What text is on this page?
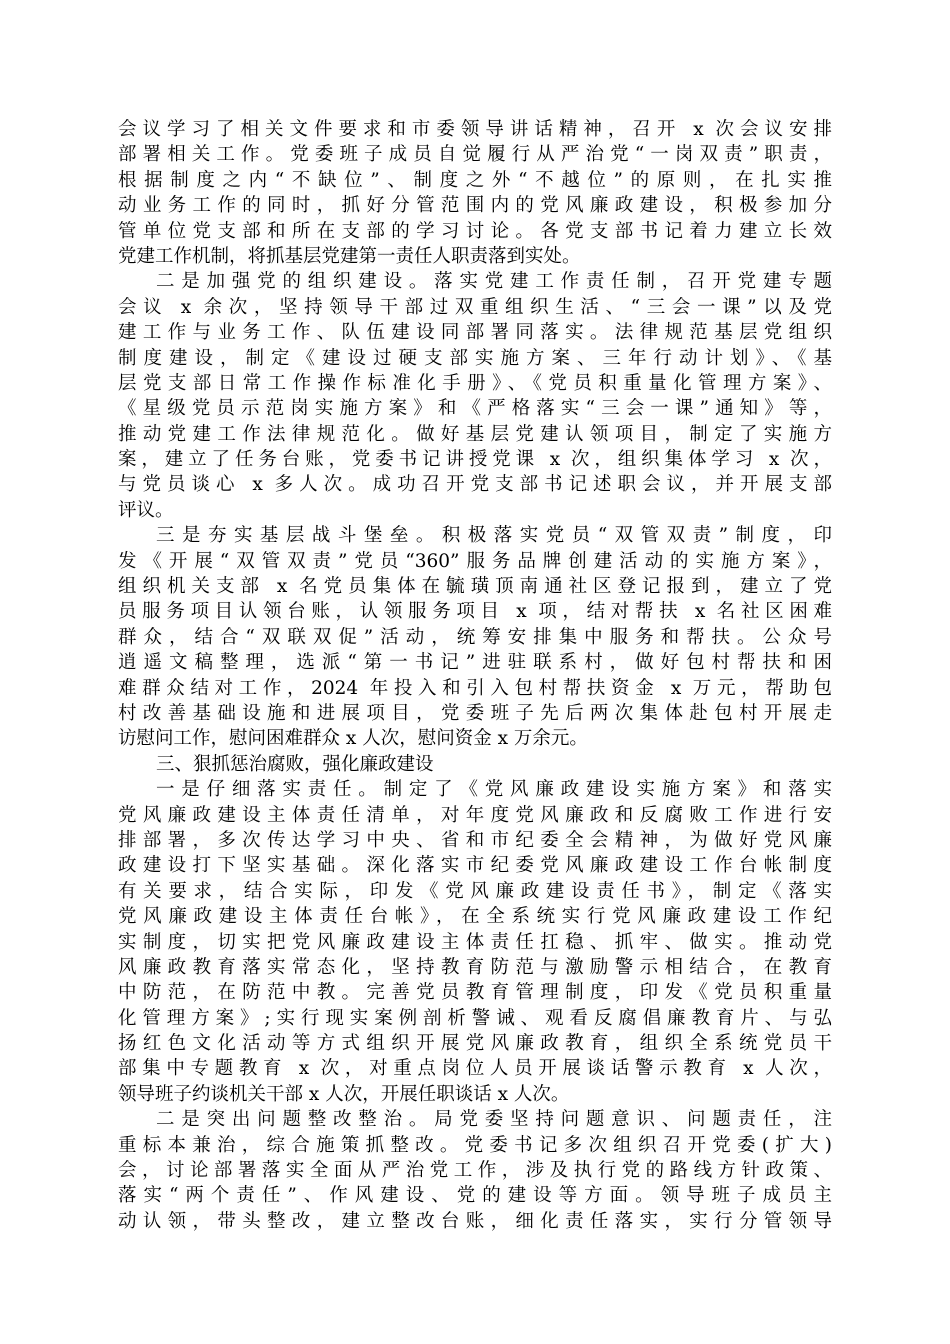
会议学习了相关文件要求和市委领导讲话精神，召开 x 次会议安排
部署相关工作。党委班子成员自觉履行从严治党“一岗双责”职责，
根据制度之内“不缺位”、制度之外“不越位”的原则，在扎实推
动业务工作的同时，抓好分管范围内的党风廉政建设，积极参加分
管单位党支部和所在支部的学习讨论。各党支部书记着力建立长效
党建工作机制，将抓基层党建第一责任人职责落到实处。
二是加强党的组织建设。落实党建工作责任制，召开党建专题
会议 x 余次，坚持领导干部过双重组织生活、“三会一课”以及党
建工作与业务工作、队伍建设同部署同落实。法律规范基层党组织
制度建设，制定《建设过硬支部实施方案、三年行动计划》、《基
层党支部日常工作操作标准化手册》、《党员积重量化管理方案》、
《星级党员示范岗实施方案》和《严格落实“三会一课”通知》等，
推动党建工作法律规范化。做好基层党建认领项目，制定了实施方
案，建立了任务台账，党委书记讲授党课 x 次，组织集体学习 x 次，
与党员谈心 x 多人次。成功召开党支部书记述职会议，并开展支部
评议。
三是夯实基层战斗堡垒。积极落实党员“双管双责”制度，印
发《开展“双管双责”党员“360”服务品牌创建活动的实施方案》，
组织机关支部 x 名党员集体在毓璜顶南通社区登记报到，建立了党
员服务项目认领台账，认领服务项目 x 项，结对帮扶 x 名社区困难
群众，结合“双联双促”活动，统筹安排集中服务和帮扶。公众号
逍遥文稿整理，选派“第一书记”进驻联系村，做好包村帮扶和困
难群众结对工作，2024 年投入和引入包村帮扶资金 x 万元，帮助包
村改善基础设施和进展项目，党委班子先后两次集体赴包村开展走
访慰问工作，慰问困难群众 x 人次，慰问资金 x 万余元。
三、狠抓惩治腐败，强化廉政建设
一是仔细落实责任。制定了《党风廉政建设实施方案》和落实
党风廉政建设主体责任清单，对年度党风廉政和反腐败工作进行安
排部署，多次传达学习中央、省和市纪委全会精神，为做好党风廉
政建设打下坚实基础。深化落实市纪委党风廉政建设工作台帐制度
有关要求，结合实际，印发《党风廉政建设责任书》，制定《落实
党风廉政建设主体责任台帐》，在全系统实行党风廉政建设工作纪
实制度，切实把党风廉政建设主体责任扛稳、抓牢、做实。推动党
风廉政教育落实常态化，坚持教育防范与激励警示相结合，在教育
中防范，在防范中教。完善党员教育管理制度，印发《党员积重量
化管理方案》;实行现实案例剖析警诫、观看反腐倡廉教育片、与弘
扬红色文化活动等方式组织开展党风廉政教育，组织全系统党员干
部集中专题教育 x 次，对重点岗位人员开展谈话警示教育 x 人次，
领导班子约谈机关干部 x 人次，开展任职谈话 x 人次。
二是突出问题整改整治。局党委坚持问题意识、问题责任，注
重标本兼治，综合施策抓整改。党委书记多次组织召开党委(扩大)
会，讨论部署落实全面从严治党工作，涉及执行党的路线方针政策、
落实“两个责任”、作风建设、党的建设等方面。领导班子成员主
动认领，带头整改，建立整改台账，细化责任落实，实行分管领导
